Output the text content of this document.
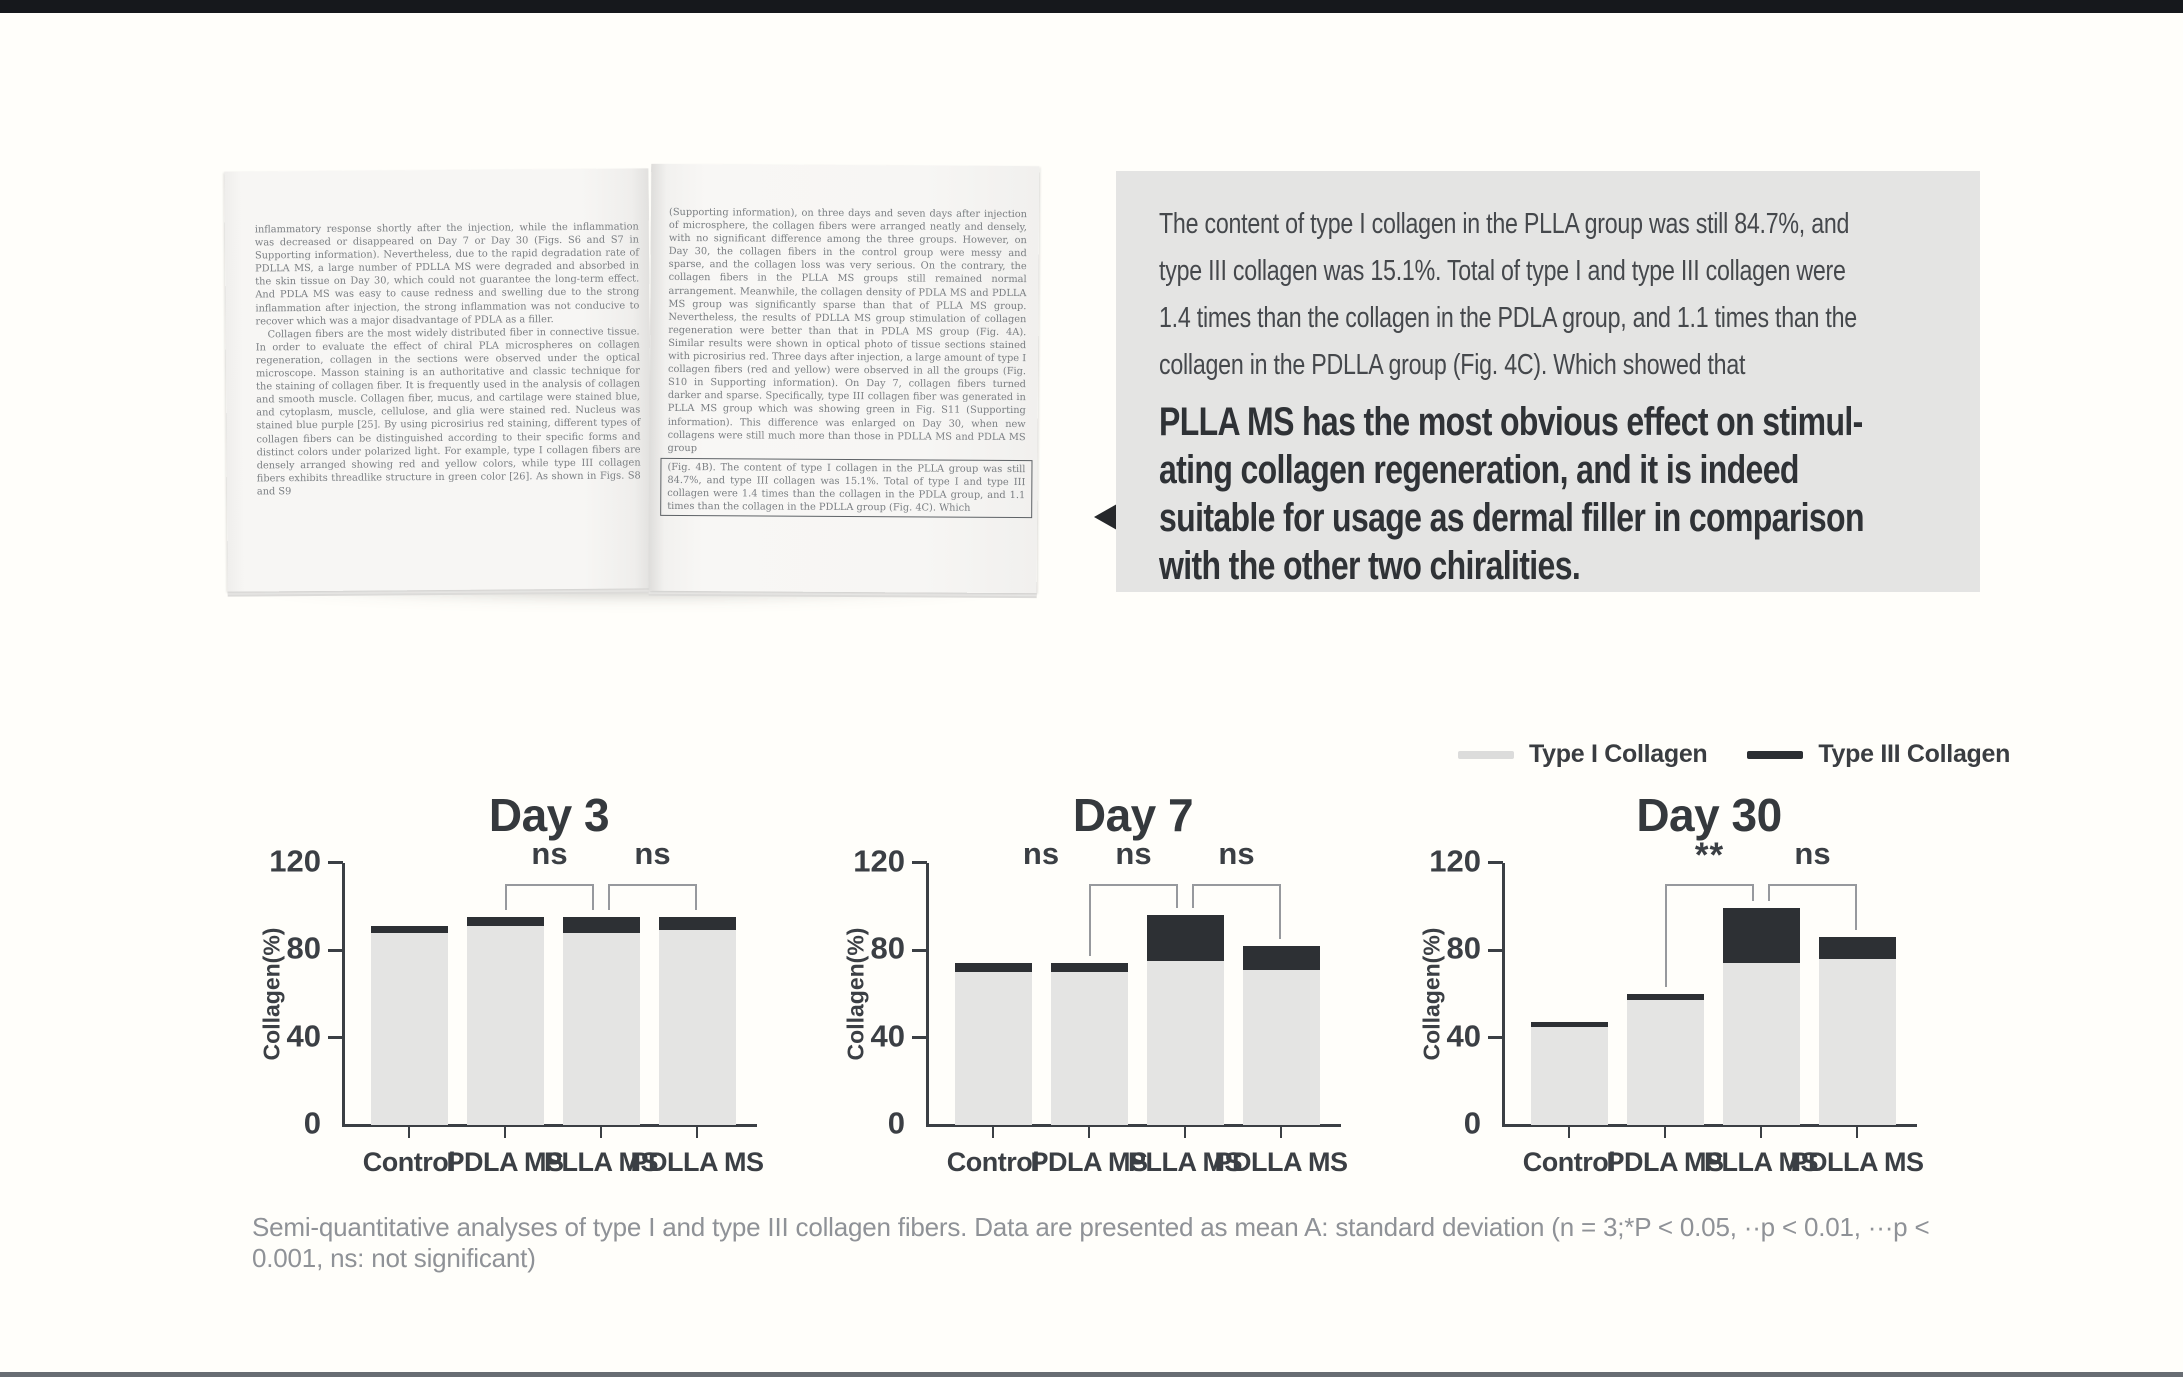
inflammatory response shortly after the injection, while the inflammation was decreased or disappeared on Day 7 or Day 30 (Figs. S6 and S7 in Supporting information). Nevertheless, due to the rapid degradation rate of PDLLA MS, a large number of PDLLA MS were degraded and absorbed in the skin tissue on Day 30, which could not guarantee the long-term effect. And PDLA MS was easy to cause redness and swelling due to the strong inflammation after injection, the strong inflammation was not conducive to recover which was a major disadvantage of PDLA as a filler.

Collagen fibers are the most widely distributed fiber in connective tissue. In order to evaluate the effect of chiral PLA microspheres on collagen regeneration, collagen in the sections were observed under the optical microscope. Masson staining is an authoritative and classic technique for the staining of collagen fiber. It is frequently used in the analysis of collagen and smooth muscle. Collagen fiber, mucus, and cartilage were stained blue, and cytoplasm, muscle, cellulose, and glia were stained red. Nucleus was stained blue purple [25]. By using picrosirius red staining, different types of collagen fibers can be distinguished according to their specific forms and distinct colors under polarized light. For example, type I collagen fibers are densely arranged showing red and yellow colors, while type III collagen fibers exhibits threadlike structure in green color [26]. As shown in Figs. S8 and S9

(Supporting information), on three days and seven days after injection of microsphere, the collagen fibers were arranged neatly and densely, with no significant difference among the three groups. However, on Day 30, the collagen fibers in the control group were messy and sparse, and the collagen loss was very serious. On the contrary, the collagen fibers in the PLLA MS groups still remained normal arrangement. Meanwhile, the collagen density of PDLA MS and PDLLA MS group was significantly sparse than that of PLLA MS group. Nevertheless, the results of PDLLA MS group stimulation of collagen regeneration were better than that in PDLA MS group (Fig. 4A). Similar results were shown in optical photo of tissue sections stained with picrosirius red. Three days after injection, a large amount of type I collagen fibers (red and yellow) were observed in all the groups (Fig. S10 in Supporting information). On Day 7, collagen fibers turned darker and sparse. Specifically, type III collagen fiber was generated in PLLA MS group which was showing green in Fig. S11 (Supporting information). This difference was enlarged on Day 30, when new collagens were still much more than those in PDLLA MS and PDLA MS group

(Fig. 4B). The content of type I collagen in the PLLA group was still 84.7%, and type III collagen was 15.1%. Total of type I and type III collagen were 1.4 times than the collagen in the PDLA group, and 1.1 times than the collagen in the PDLLA group (Fig. 4C). Which

The content of type I collagen in the PLLA group was still 84.7%, and
type III collagen was 15.1%. Total of type I and type III collagen were
1.4 times than the collagen in the PDLA group, and 1.1 times than the
collagen in the PDLLA group (Fig. 4C). Which showed that
PLLA MS has the most obvious effect on stimul-
ating collagen regeneration, and it is indeed
suitable for usage as dermal filler in comparison
with the other two chiralities.
Type I Collagen	Type III Collagen
Day 3
Collagen(%)
0
40
80
120
Control
PDLA MS
PLLA MS
PDLLA MS
ns ns
Day 7
Collagen(%)
0
40
80
120
Control
PDLA MS
PLLA MS
PDLLA MS
ns ns ns
Day 30
Collagen(%)
0
40
80
120
Control
PDLA MS
PLLA MS
PDLLA MS
** ns
Semi-quantitative analyses of type I and type III collagen fibers. Data are presented as mean A: standard deviation (n = 3;*P < 0.05, ··p < 0.01, ···p < 0.001, ns: not significant)
